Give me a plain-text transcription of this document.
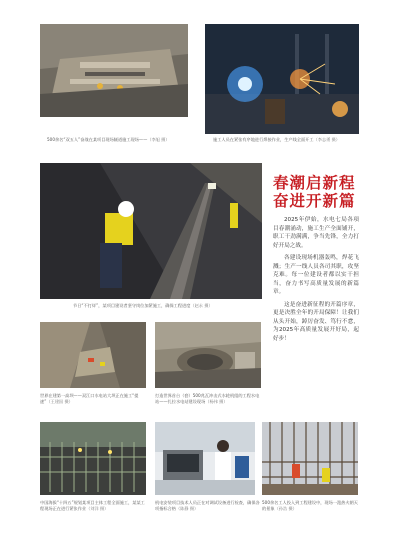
500余名“双五人”奋战在某项目现场隧道施工现场——（李旭 摄）	施工人员在紧张有序地进行焊接作业，生产线全面开工（李志勇 摄）
节日“不打烊”，某项目建设者坚守岗位加紧施工，确保工程进度（赵永 摄）
春潮启新程
奋进开新篇

2025年伊始，水电七局各项目春潮涌动，施工生产全面铺开，职工干劲满满，争当先锋，全力打好开局之战。

各建设现场机器轰鸣，焊花飞溅；生产一线人员各司其职，攻坚克难。每一位建设者都以实干担当，奋力书写高质量发展的新篇章。

这是奋进新征程的开篇序章，更是决胜全年的开局保障！让我们从头开始，踔厉奋发、笃行不怠，为2025年高质量发展开好局，起好步！

世界在建第一高坝——双江口水电站大坝正在施工“提速”（王建国 摄）
打造世界首台（套）500兆瓦冲击式水轮机组的工程水电站——扎拉水电站建设现场（杨伟 摄）
中国海拔“十四五”规划某项目主体工程全面施工，某某工程现场正在进行紧张作业（刘洋 摄）
机电安装项目技术人员正在对调试设备进行检查，确保各项指标合格（陈静 摄）
500余名工人投入到工程建设中，现场一派热火朝天的景象（孙浩 摄）
